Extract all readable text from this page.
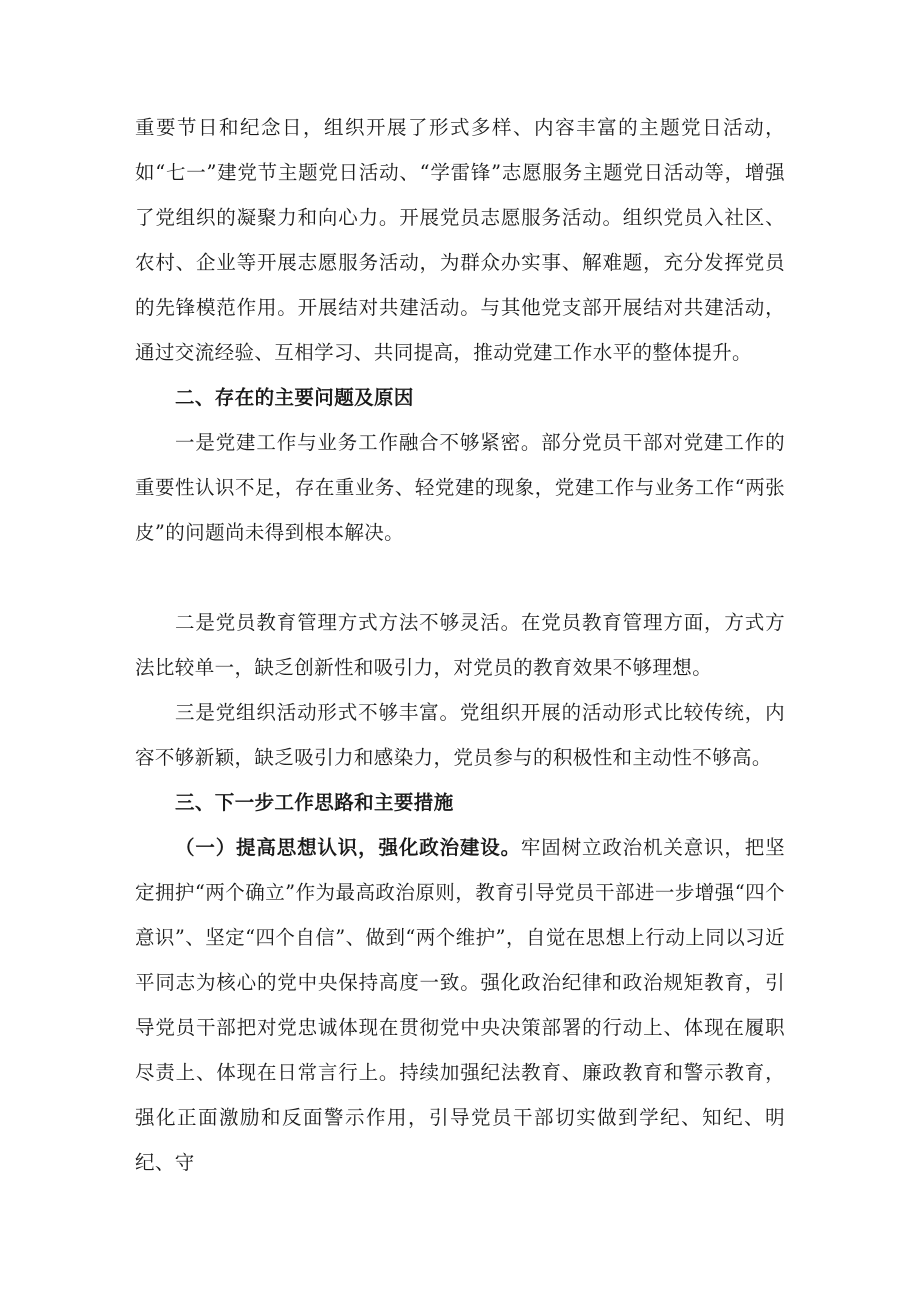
重要节日和纪念日，组织开展了形式多样、内容丰富的主题党日活动，如“七一”建党节主题党日活动、“学雷锋”志愿服务主题党日活动等，增强了党组织的凝聚力和向心力。开展党员志愿服务活动。组织党员入社区、农村、企业等开展志愿服务活动，为群众办实事、解难题，充分发挥党员的先锋模范作用。开展结对共建活动。与其他党支部开展结对共建活动，通过交流经验、互相学习、共同提高，推动党建工作水平的整体提升。

二、存在的主要问题及原因

一是党建工作与业务工作融合不够紧密。部分党员干部对党建工作的重要性认识不足，存在重业务、轻党建的现象，党建工作与业务工作“两张皮”的问题尚未得到根本解决。

二是党员教育管理方式方法不够灵活。在党员教育管理方面，方式方法比较单一，缺乏创新性和吸引力，对党员的教育效果不够理想。

三是党组织活动形式不够丰富。党组织开展的活动形式比较传统，内容不够新颖，缺乏吸引力和感染力，党员参与的积极性和主动性不够高。

三、下一步工作思路和主要措施

（一）提高思想认识，强化政治建设。牢固树立政治机关意识，把坚定拥护“两个确立”作为最高政治原则，教育引导党员干部进一步增强“四个意识”、坚定“四个自信”、做到“两个维护”，自觉在思想上行动上同以习近平同志为核心的党中央保持高度一致。强化政治纪律和政治规矩教育，引导党员干部把对党忠诚体现在贯彻党中央决策部署的行动上、体现在履职尽责上、体现在日常言行上。持续加强纪法教育、廉政教育和警示教育，强化正面激励和反面警示作用，引导党员干部切实做到学纪、知纪、明纪、守
